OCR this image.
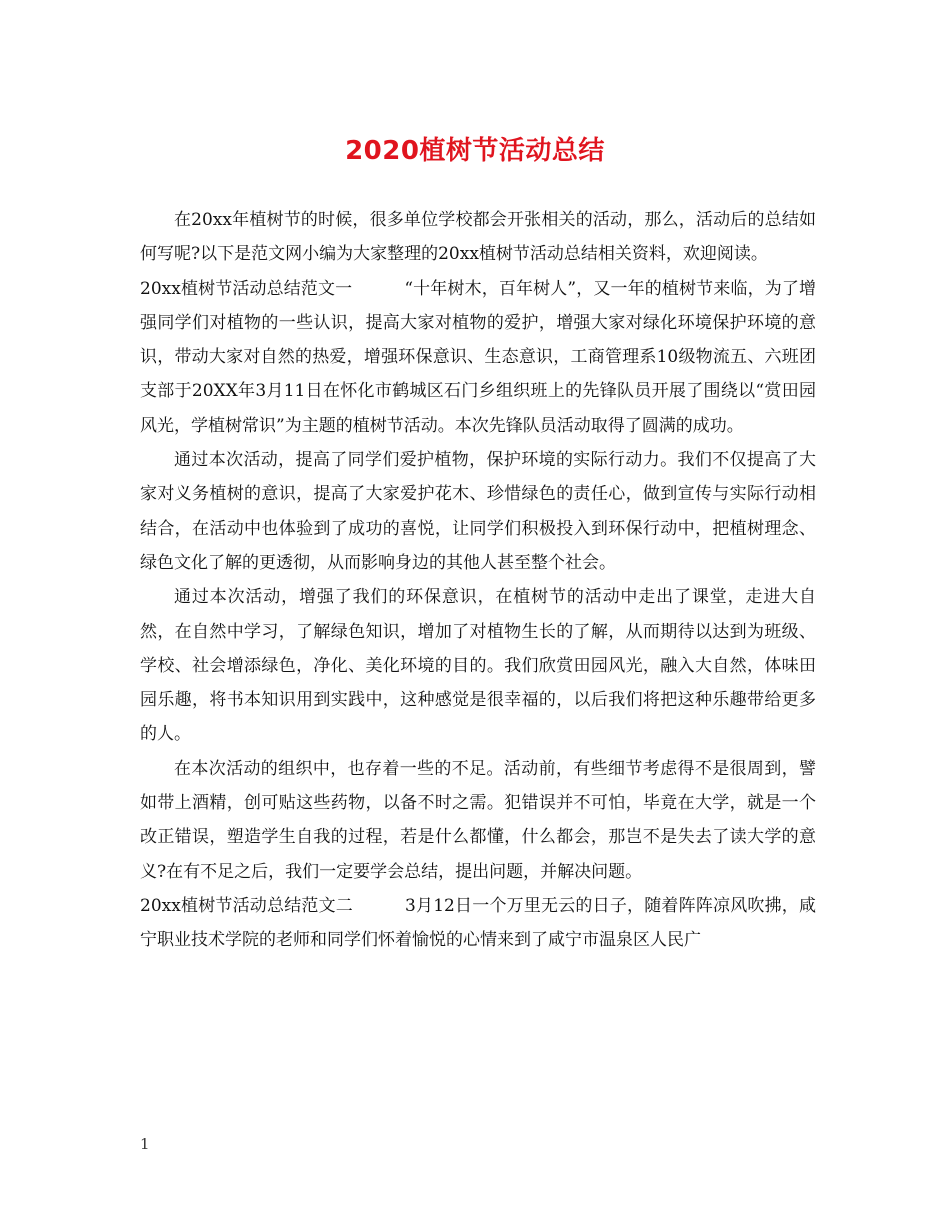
2020植树节活动总结

在20xx年植树节的时候，很多单位学校都会开张相关的活动，那么，活动后的总结如何写呢?以下是范文网小编为大家整理的20xx植树节活动总结相关资料，欢迎阅读。

20xx植树节活动总结范文一	“十年树木，百年树人”，又一年的植树节来临，为了增强同学们对植物的一些认识，提高大家对植物的爱护，增强大家对绿化环境保护环境的意识，带动大家对自然的热爱，增强环保意识、生态意识，工商管理系10级物流五、六班团支部于20XX年3月11日在怀化市鹤城区石门乡组织班上的先锋队员开展了围绕以“赏田园风光，学植树常识”为主题的植树节活动。本次先锋队员活动取得了圆满的成功。

通过本次活动，提高了同学们爱护植物，保护环境的实际行动力。我们不仅提高了大家对义务植树的意识，提高了大家爱护花木、珍惜绿色的责任心，做到宣传与实际行动相结合，在活动中也体验到了成功的喜悦，让同学们积极投入到环保行动中，把植树理念、绿色文化了解的更透彻，从而影响身边的其他人甚至整个社会。

通过本次活动，增强了我们的环保意识，在植树节的活动中走出了课堂，走进大自然，在自然中学习，了解绿色知识，增加了对植物生长的了解，从而期待以达到为班级、学校、社会增添绿色，净化、美化环境的目的。我们欣赏田园风光，融入大自然，体味田园乐趣，将书本知识用到实践中，这种感觉是很幸福的，以后我们将把这种乐趣带给更多的人。

在本次活动的组织中，也存着一些的不足。活动前，有些细节考虑得不是很周到，譬如带上酒精，创可贴这些药物，以备不时之需。犯错误并不可怕，毕竟在大学，就是一个改正错误，塑造学生自我的过程，若是什么都懂，什么都会，那岂不是失去了读大学的意义?在有不足之后，我们一定要学会总结，提出问题，并解决问题。

20xx植树节活动总结范文二	3月12日一个万里无云的日子，随着阵阵凉风吹拂，咸宁职业技术学院的老师和同学们怀着愉悦的心情来到了咸宁市温泉区人民广

1
